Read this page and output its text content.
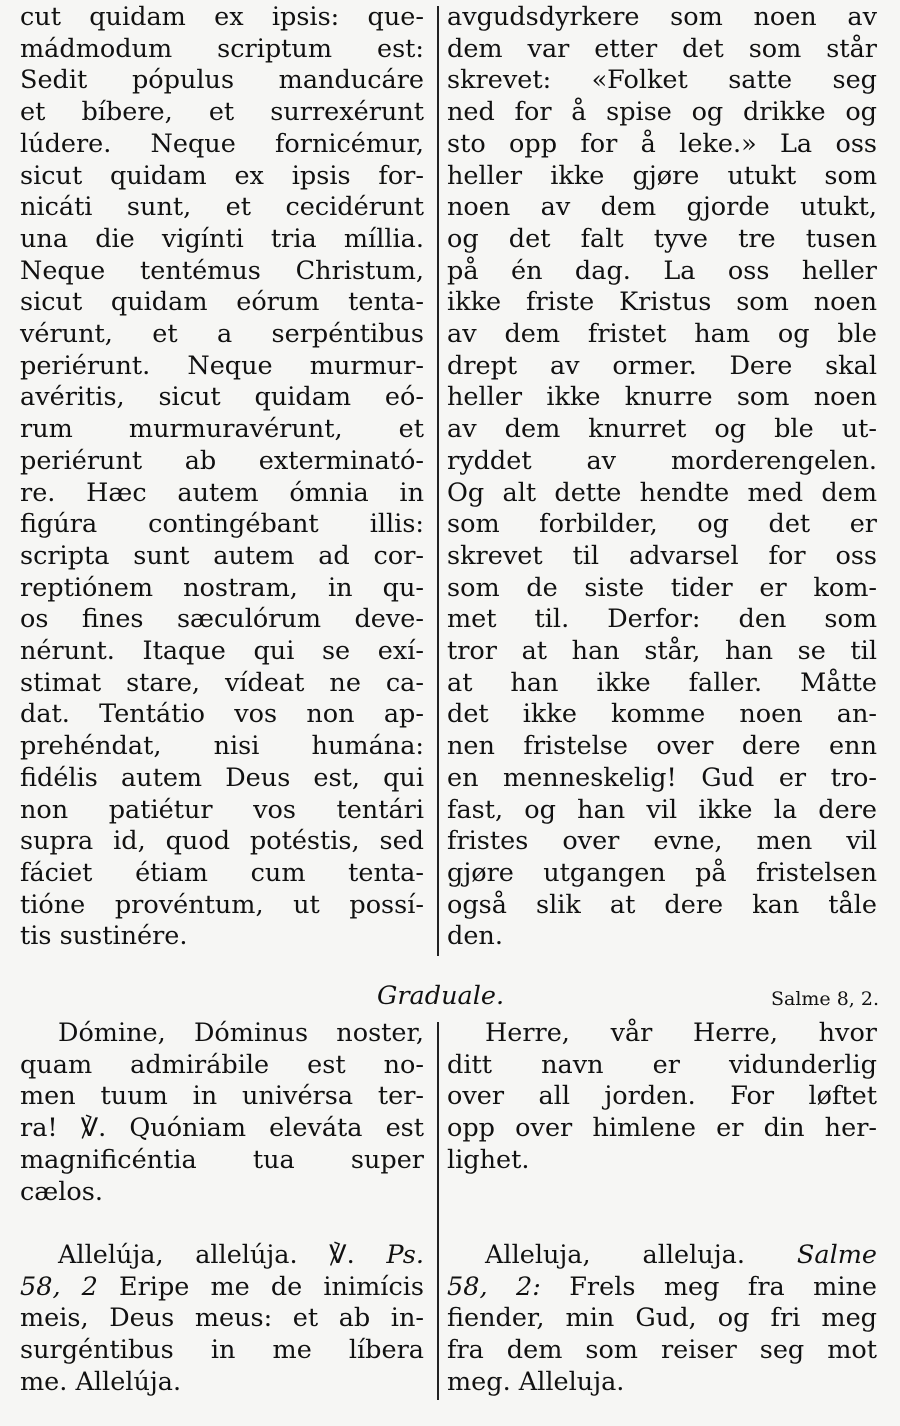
cut quidam ex ipsis: que-
mádmodum scriptum est:
Sedit pópulus manducáre
et bíbere, et surrexérunt
lúdere. Neque fornicémur,
sicut quidam ex ipsis for-
nicáti sunt, et cecidérunt
una die vigínti tria míllia.
Neque tentémus Christum,
sicut quidam eórum tenta-
vérunt, et a serpéntibus
periérunt. Neque murmur-
avéritis, sicut quidam eó-
rum murmuravérunt, et
periérunt ab exterminató-
re. Hæc autem ómnia in
figúra contingébant illis:
scripta sunt autem ad cor-
reptiónem nostram, in qu-
os fines sæculórum deve-
nérunt. Itaque qui se exí-
stimat stare, vídeat ne ca-
dat. Tentátio vos non ap-
prehéndat, nisi humána:
fidélis autem Deus est, qui
non patiétur vos tentári
supra id, quod potéstis, sed
fáciet étiam cum tenta-
tióne provéntum, ut possí-
tis sustinére.
avgudsdyrkere som noen av
dem var etter det som står
skrevet: «Folket satte seg
ned for å spise og drikke og
sto opp for å leke.» La oss
heller ikke gjøre utukt som
noen av dem gjorde utukt,
og det falt tyve tre tusen
på én dag. La oss heller
ikke friste Kristus som noen
av dem fristet ham og ble
drept av ormer. Dere skal
heller ikke knurre som noen
av dem knurret og ble ut-
ryddet av morderengelen.
Og alt dette hendte med dem
som forbilder, og det er
skrevet til advarsel for oss
som de siste tider er kom-
met til. Derfor: den som
tror at han står, han se til
at han ikke faller. Måtte
det ikke komme noen an-
nen fristelse over dere enn
en menneskelig! Gud er tro-
fast, og han vil ikke la dere
fristes over evne, men vil
gjøre utgangen på fristelsen
også slik at dere kan tåle
den.
Graduale.	Salme 8, 2.
Dómine, Dóminus noster,
quam admirábile est no-
men tuum in univérsa ter-
ra! ℣. Quóniam eleváta est
magnificéntia tua super
cælos.
Herre, vår Herre, hvor
ditt navn er vidunderlig
over all jorden. For løftet
opp over himlene er din her-
lighet.
Allelúja, allelúja. ℣. Ps.
58, 2 Eripe me de inimícis
meis, Deus meus: et ab in-
surgéntibus in me líbera
me. Allelúja.
Alleluja, alleluja. Salme
58, 2: Frels meg fra mine
fiender, min Gud, og fri meg
fra dem som reiser seg mot
meg. Alleluja.
